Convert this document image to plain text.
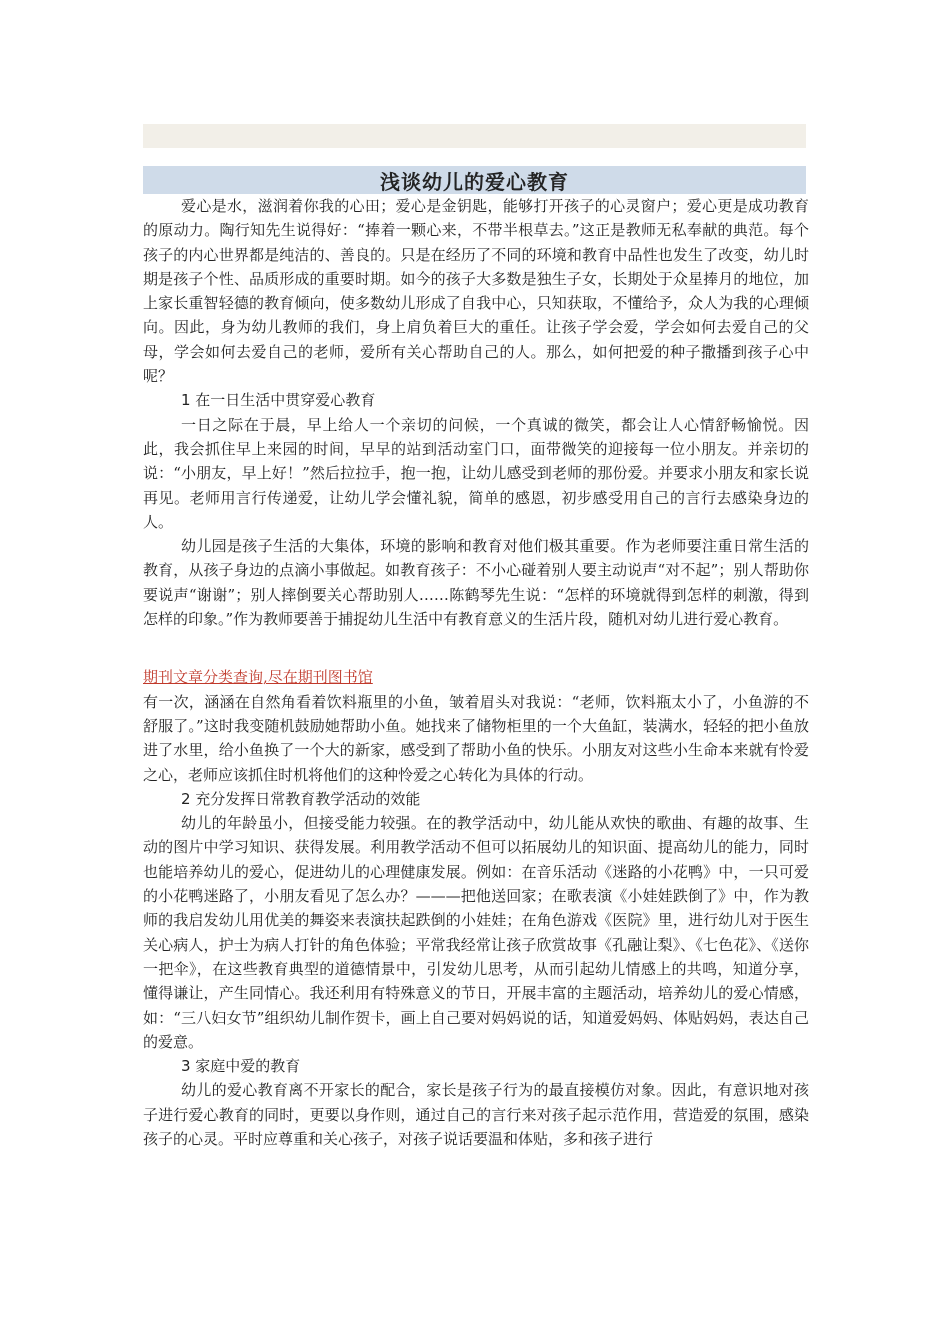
浅谈幼儿的爱心教育

爱心是水，滋润着你我的心田；爱心是金钥匙，能够打开孩子的心灵窗户；爱心更是成功教育的原动力。陶行知先生说得好：“捧着一颗心来，不带半根草去。”这正是教师无私奉献的典范。每个孩子的内心世界都是纯洁的、善良的。只是在经历了不同的环境和教育中品性也发生了改变，幼儿时期是孩子个性、品质形成的重要时期。如今的孩子大多数是独生子女，长期处于众星捧月的地位，加上家长重智轻德的教育倾向，使多数幼儿形成了自我中心，只知获取，不懂给予，众人为我的心理倾向。因此，身为幼儿教师的我们，身上肩负着巨大的重任。让孩子学会爱，学会如何去爱自己的父母，学会如何去爱自己的老师，爱所有关心帮助自己的人。那么，如何把爱的种子撒播到孩子心中呢？

1 在一日生活中贯穿爱心教育

一日之际在于晨，早上给人一个亲切的问候，一个真诚的微笑，都会让人心情舒畅愉悦。因此，我会抓住早上来园的时间，早早的站到活动室门口，面带微笑的迎接每一位小朋友。并亲切的说：“小朋友，早上好！”然后拉拉手，抱一抱，让幼儿感受到老师的那份爱。并要求小朋友和家长说再见。老师用言行传递爱，让幼儿学会懂礼貌，简单的感恩，初步感受用自己的言行去感染身边的人。

幼儿园是孩子生活的大集体，环境的影响和教育对他们极其重要。作为老师要注重日常生活的教育，从孩子身边的点滴小事做起。如教育孩子：不小心碰着别人要主动说声“对不起”；别人帮助你要说声“谢谢”；别人摔倒要关心帮助别人……陈鹤琴先生说：“怎样的环境就得到怎样的刺激，得到怎样的印象。”作为教师要善于捕捉幼儿生活中有教育意义的生活片段，随机对幼儿进行爱心教育。

期刊文章分类查询,尽在期刊图书馆

有一次，涵涵在自然角看着饮料瓶里的小鱼，皱着眉头对我说：“老师，饮料瓶太小了，小鱼游的不舒服了。”这时我变随机鼓励她帮助小鱼。她找来了储物柜里的一个大鱼缸，装满水，轻轻的把小鱼放进了水里，给小鱼换了一个大的新家，感受到了帮助小鱼的快乐。小朋友对这些小生命本来就有怜爱之心，老师应该抓住时机将他们的这种怜爱之心转化为具体的行动。

2 充分发挥日常教育教学活动的效能

幼儿的年龄虽小，但接受能力较强。在的教学活动中，幼儿能从欢快的歌曲、有趣的故事、生动的图片中学习知识、获得发展。利用教学活动不但可以拓展幼儿的知识面、提高幼儿的能力，同时也能培养幼儿的爱心，促进幼儿的心理健康发展。例如：在音乐活动《迷路的小花鸭》中，一只可爱的小花鸭迷路了，小朋友看见了怎么办？———把他送回家；在歌表演《小娃娃跌倒了》中，作为教师的我启发幼儿用优美的舞姿来表演扶起跌倒的小娃娃；在角色游戏《医院》里，进行幼儿对于医生关心病人，护士为病人打针的角色体验；平常我经常让孩子欣赏故事《孔融让梨》、《七色花》、《送你一把伞》，在这些教育典型的道德情景中，引发幼儿思考，从而引起幼儿情感上的共鸣，知道分享，懂得谦让，产生同情心。我还利用有特殊意义的节日，开展丰富的主题活动，培养幼儿的爱心情感，如：“三八妇女节”组织幼儿制作贺卡，画上自己要对妈妈说的话，知道爱妈妈、体贴妈妈，表达自己的爱意。

3 家庭中爱的教育

幼儿的爱心教育离不开家长的配合，家长是孩子行为的最直接模仿对象。因此，有意识地对孩子进行爱心教育的同时，更要以身作则，通过自己的言行来对孩子起示范作用，营造爱的氛围，感染孩子的心灵。平时应尊重和关心孩子，对孩子说话要温和体贴，多和孩子进行
